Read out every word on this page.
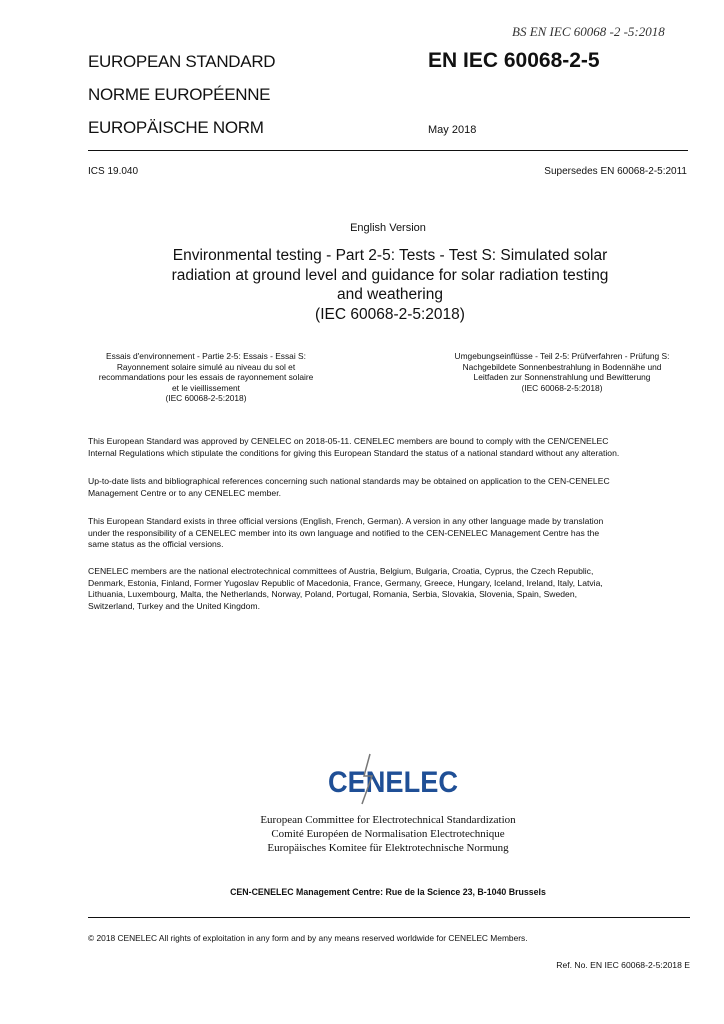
BS EN IEC 60068 -2 -5:2018
EUROPEAN STANDARD
NORME EUROPÉENNE
EUROPÄISCHE NORM
EN IEC 60068-2-5
May 2018
ICS 19.040	Supersedes EN 60068-2-5:2011
English Version
Environmental testing - Part 2-5: Tests - Test S: Simulated solar
radiation at ground level and guidance for solar radiation testing
and weathering
(IEC 60068-2-5:2018)
Essais d'environnement - Partie 2-5: Essais - Essai S:
Rayonnement solaire simulé au niveau du sol et
recommandations pour les essais de rayonnement solaire
et le vieillissement
(IEC 60068-2-5:2018)
Umgebungseinflüsse - Teil 2-5: Prüfverfahren - Prüfung S:
Nachgebildete Sonnenbestrahlung in Bodennähe und
Leitfaden zur Sonnenstrahlung und Bewitterung
(IEC 60068-2-5:2018)
This European Standard was approved by CENELEC on 2018-05-11. CENELEC members are bound to comply with the CEN/CENELEC
Internal Regulations which stipulate the conditions for giving this European Standard the status of a national standard without any alteration.
Up-to-date lists and bibliographical references concerning such national standards may be obtained on application to the CEN-CENELEC
Management Centre or to any CENELEC member.
This European Standard exists in three official versions (English, French, German). A version in any other language made by translation
under the responsibility of a CENELEC member into its own language and notified to the CEN-CENELEC Management Centre has the
same status as the official versions.
CENELEC members are the national electrotechnical committees of Austria, Belgium, Bulgaria, Croatia, Cyprus, the Czech Republic,
Denmark, Estonia, Finland, Former Yugoslav Republic of Macedonia, France, Germany, Greece, Hungary, Iceland, Ireland, Italy, Latvia,
Lithuania, Luxembourg, Malta, the Netherlands, Norway, Poland, Portugal, Romania, Serbia, Slovakia, Slovenia, Spain, Sweden,
Switzerland, Turkey and the United Kingdom.
CENELEC
European Committee for Electrotechnical Standardization
Comité Européen de Normalisation Electrotechnique
Europäisches Komitee für Elektrotechnische Normung
CEN-CENELEC Management Centre: Rue de la Science 23, B-1040 Brussels
© 2018 CENELEC All rights of exploitation in any form and by any means reserved worldwide for CENELEC Members.
Ref. No. EN IEC 60068-2-5:2018 E
